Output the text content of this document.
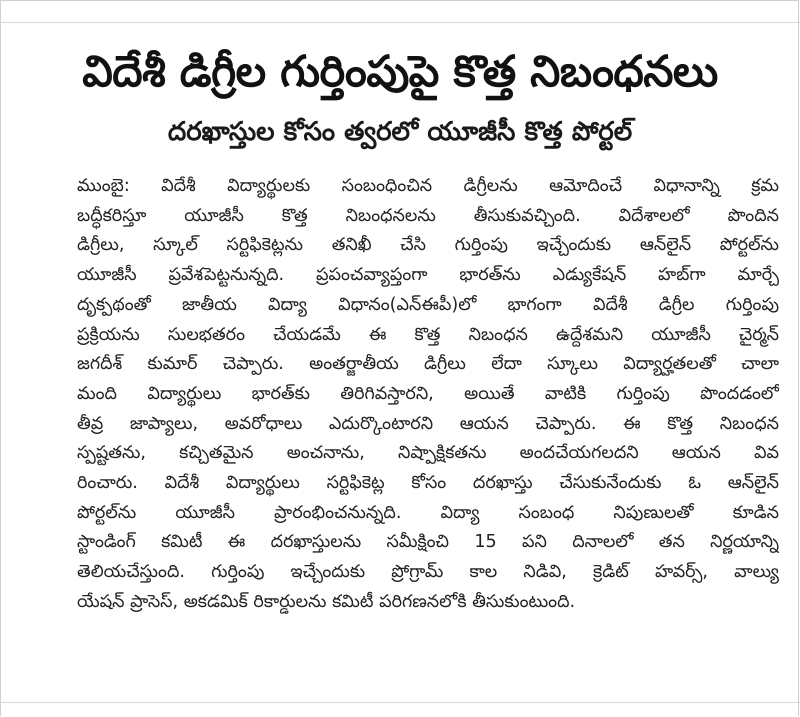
విదేశీ డిగ్రీల గుర్తింపుపై కొత్త నిబంధనలు
దరఖాస్తుల కోసం త్వరలో యూజీసీ కొత్త పోర్టల్
ముంబై: విదేశీ విద్యార్థులకు సంబంధించిన డిగ్రీలను ఆమోదించే విధానాన్ని క్రమ
బద్ధీకరిస్తూ యూజీసీ కొత్త నిబంధనలను తీసుకువచ్చింది. విదేశాలలో పొందిన
డిగ్రీలు, స్కూల్ సర్టిఫికెట్లను తనిఖీ చేసి గుర్తింపు ఇచ్చేందుకు ఆన్‌లైన్ పోర్టల్‌ను
యూజీసీ ప్రవేశపెట్టనున్నది. ప్రపంచవ్యాప్తంగా భారత్‌ను ఎడ్యుకేషన్ హబ్‌గా మార్చే
దృక్పథంతో జాతీయ విద్యా విధానం(ఎన్ఈపీ)లో భాగంగా విదేశీ డిగ్రీల గుర్తింపు
ప్రక్రియను సులభతరం చేయడమే ఈ కొత్త నిబంధన ఉద్దేశమని యూజీసీ చైర్మన్
జగదీశ్ కుమార్ చెప్పారు. అంతర్జాతీయ డిగ్రీలు లేదా స్కూలు విద్యార్హతలతో చాలా
మంది విద్యార్థులు భారత్‌కు తిరిగివస్తారని, అయితే వాటికి గుర్తింపు పొందడంలో
తీవ్ర జాప్యాలు, అవరోధాలు ఎదుర్కొంటారని ఆయన చెప్పారు. ఈ కొత్త నిబంధన
స్పష్టతను, కచ్చితమైన అంచనాను, నిష్పాక్షికతను అందచేయగలదని ఆయన వివ
రించారు. విదేశీ విద్యార్థులు సర్టిఫికెట్ల కోసం దరఖాస్తు చేసుకునేందుకు ఓ ఆన్‌లైన్
పోర్టల్‌ను యూజీసీ ప్రారంభించనున్నది. విద్యా సంబంధ నిపుణులతో కూడిన
స్టాండింగ్ కమిటీ ఈ దరఖాస్తులను సమీక్షించి 15 పని దినాలలో తన నిర్ణయాన్ని
తెలియచేస్తుంది. గుర్తింపు ఇచ్చేందుకు ప్రోగ్రామ్ కాల నిడివి, క్రెడిట్ హవర్స్, వాల్యు
యేషన్ ప్రాసెస్, అకడమిక్ రికార్డులను కమిటీ పరిగణనలోకి తీసుకుంటుంది.
